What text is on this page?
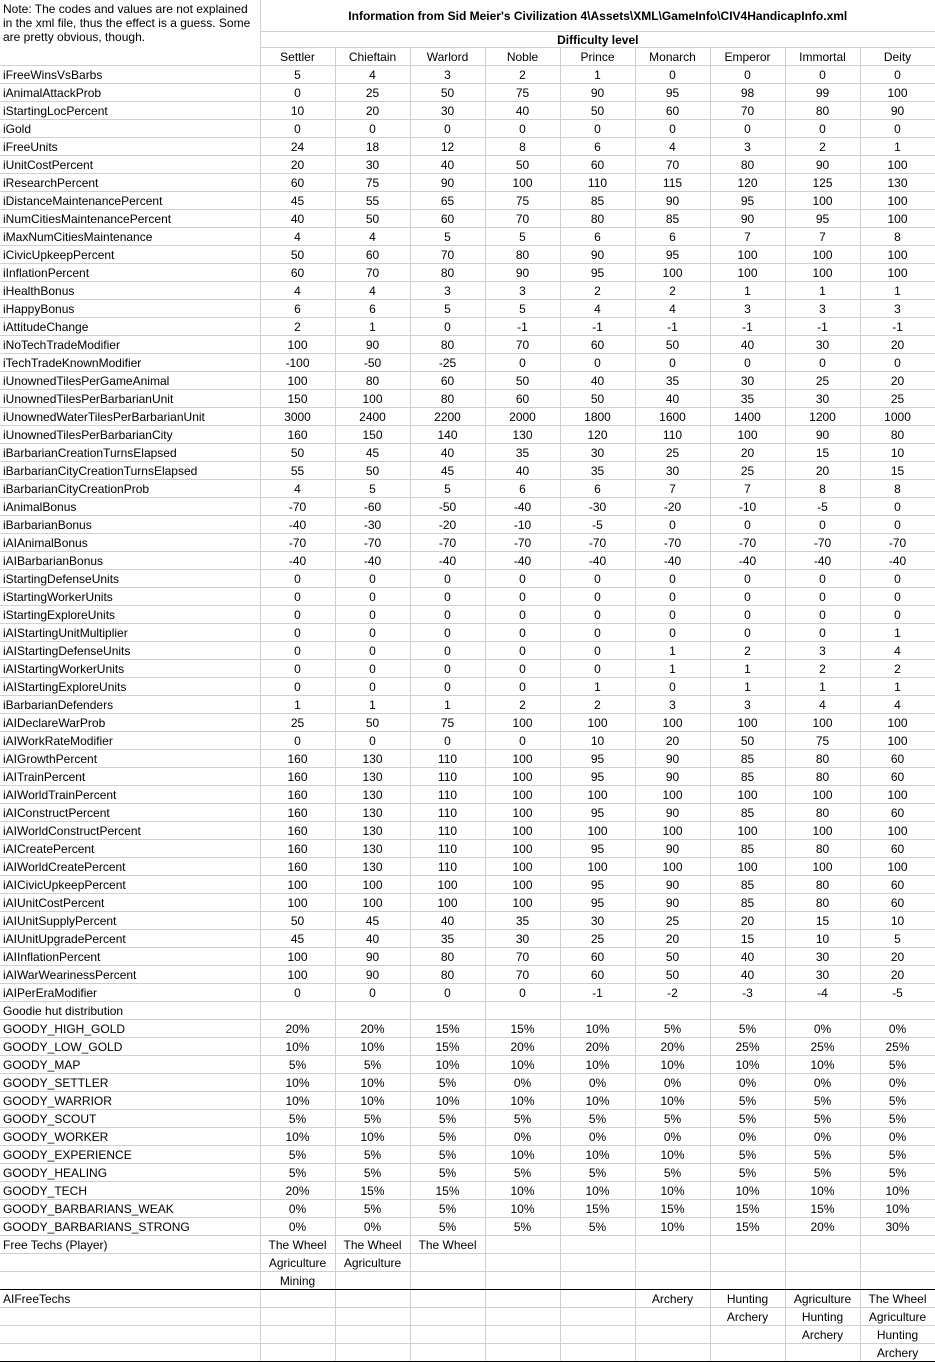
Note: The codes and values are not explained in the xml file, thus the effect is a guess. Some are pretty obvious, though.	Information from Sid Meier's Civilization 4\Assets\XML\GameInfo\CIV4HandicapInfo.xml								
	Difficulty level								
	Settler	Chieftain	Warlord	Noble	Prince	Monarch	Emperor	Immortal	Deity
iFreeWinsVsBarbs	5	4	3	2	1	0	0	0	0
iAnimalAttackProb	0	25	50	75	90	95	98	99	100
iStartingLocPercent	10	20	30	40	50	60	70	80	90
iGold	0	0	0	0	0	0	0	0	0
iFreeUnits	24	18	12	8	6	4	3	2	1
iUnitCostPercent	20	30	40	50	60	70	80	90	100
iResearchPercent	60	75	90	100	110	115	120	125	130
iDistanceMaintenancePercent	45	55	65	75	85	90	95	100	100
iNumCitiesMaintenancePercent	40	50	60	70	80	85	90	95	100
iMaxNumCitiesMaintenance	4	4	5	5	6	6	7	7	8
iCivicUpkeepPercent	50	60	70	80	90	95	100	100	100
iInflationPercent	60	70	80	90	95	100	100	100	100
iHealthBonus	4	4	3	3	2	2	1	1	1
iHappyBonus	6	6	5	5	4	4	3	3	3
iAttitudeChange	2	1	0	-1	-1	-1	-1	-1	-1
iNoTechTradeModifier	100	90	80	70	60	50	40	30	20
iTechTradeKnownModifier	-100	-50	-25	0	0	0	0	0	0
iUnownedTilesPerGameAnimal	100	80	60	50	40	35	30	25	20
iUnownedTilesPerBarbarianUnit	150	100	80	60	50	40	35	30	25
iUnownedWaterTilesPerBarbarianUnit	3000	2400	2200	2000	1800	1600	1400	1200	1000
iUnownedTilesPerBarbarianCity	160	150	140	130	120	110	100	90	80
iBarbarianCreationTurnsElapsed	50	45	40	35	30	25	20	15	10
iBarbarianCityCreationTurnsElapsed	55	50	45	40	35	30	25	20	15
iBarbarianCityCreationProb	4	5	5	6	6	7	7	8	8
iAnimalBonus	-70	-60	-50	-40	-30	-20	-10	-5	0
iBarbarianBonus	-40	-30	-20	-10	-5	0	0	0	0
iAIAnimalBonus	-70	-70	-70	-70	-70	-70	-70	-70	-70
iAIBarbarianBonus	-40	-40	-40	-40	-40	-40	-40	-40	-40
iStartingDefenseUnits	0	0	0	0	0	0	0	0	0
iStartingWorkerUnits	0	0	0	0	0	0	0	0	0
iStartingExploreUnits	0	0	0	0	0	0	0	0	0
iAIStartingUnitMultiplier	0	0	0	0	0	0	0	0	1
iAIStartingDefenseUnits	0	0	0	0	0	1	2	3	4
iAIStartingWorkerUnits	0	0	0	0	0	1	1	2	2
iAIStartingExploreUnits	0	0	0	0	1	0	1	1	1
iBarbarianDefenders	1	1	1	2	2	3	3	4	4
iAIDeclareWarProb	25	50	75	100	100	100	100	100	100
iAIWorkRateModifier	0	0	0	0	10	20	50	75	100
iAIGrowthPercent	160	130	110	100	95	90	85	80	60
iAITrainPercent	160	130	110	100	95	90	85	80	60
iAIWorldTrainPercent	160	130	110	100	100	100	100	100	100
iAIConstructPercent	160	130	110	100	95	90	85	80	60
iAIWorldConstructPercent	160	130	110	100	100	100	100	100	100
iAICreatePercent	160	130	110	100	95	90	85	80	60
iAIWorldCreatePercent	160	130	110	100	100	100	100	100	100
iAICivicUpkeepPercent	100	100	100	100	95	90	85	80	60
iAIUnitCostPercent	100	100	100	100	95	90	85	80	60
iAIUnitSupplyPercent	50	45	40	35	30	25	20	15	10
iAIUnitUpgradePercent	45	40	35	30	25	20	15	10	5
iAIInflationPercent	100	90	80	70	60	50	40	30	20
iAIWarWearinessPercent	100	90	80	70	60	50	40	30	20
iAIPerEraModifier	0	0	0	0	-1	-2	-3	-4	-5
Goodie hut distribution									
GOODY_HIGH_GOLD	20%	20%	15%	15%	10%	5%	5%	0%	0%
GOODY_LOW_GOLD	10%	10%	15%	20%	20%	20%	25%	25%	25%
GOODY_MAP	5%	5%	10%	10%	10%	10%	10%	10%	5%
GOODY_SETTLER	10%	10%	5%	0%	0%	0%	0%	0%	0%
GOODY_WARRIOR	10%	10%	10%	10%	10%	10%	5%	5%	5%
GOODY_SCOUT	5%	5%	5%	5%	5%	5%	5%	5%	5%
GOODY_WORKER	10%	10%	5%	0%	0%	0%	0%	0%	0%
GOODY_EXPERIENCE	5%	5%	5%	10%	10%	10%	5%	5%	5%
GOODY_HEALING	5%	5%	5%	5%	5%	5%	5%	5%	5%
GOODY_TECH	20%	15%	15%	10%	10%	10%	10%	10%	10%
GOODY_BARBARIANS_WEAK	0%	5%	5%	10%	15%	15%	15%	15%	10%
GOODY_BARBARIANS_STRONG	0%	0%	5%	5%	5%	10%	15%	20%	30%
Free Techs (Player)	The Wheel	The Wheel	The Wheel						
	Agriculture	Agriculture							
	Mining								
AIFreeTechs						Archery	Hunting	Agriculture	The Wheel
							Archery	Hunting	Agriculture
								Archery	Hunting
									Archery
